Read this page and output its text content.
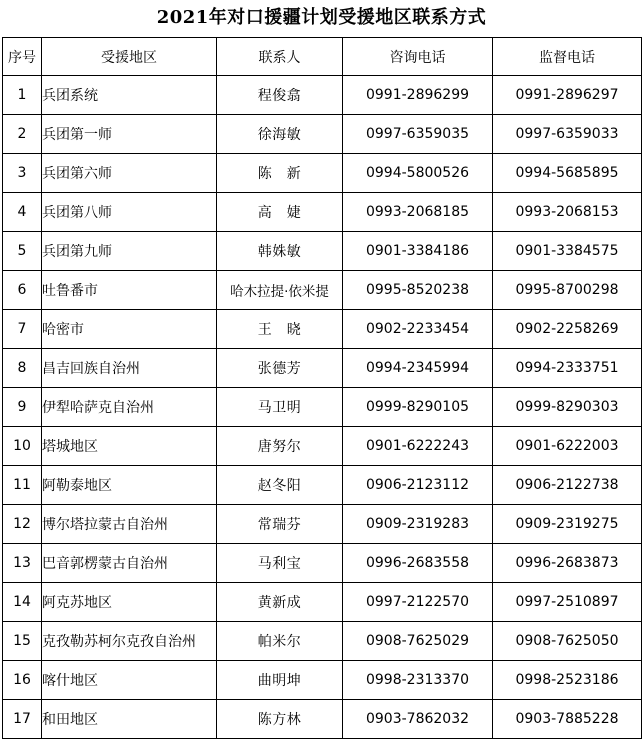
2021年对口援疆计划受援地区联系方式
序号	受援地区	联系人	咨询电话	监督电话
1	兵团系统	程俊翕	0991-2896299	0991-2896297
2	兵团第一师	徐海敏	0997-6359035	0997-6359033
3	兵团第六师	陈　新	0994-5800526	0994-5685895
4	兵团第八师	高　婕	0993-2068185	0993-2068153
5	兵团第九师	韩姝敏	0901-3384186	0901-3384575
6	吐鲁番市	哈木拉提·依米提	0995-8520238	0995-8700298
7	哈密市	王　晓	0902-2233454	0902-2258269
8	昌吉回族自治州	张德芳	0994-2345994	0994-2333751
9	伊犁哈萨克自治州	马卫明	0999-8290105	0999-8290303
10	塔城地区	唐努尔	0901-6222243	0901-6222003
11	阿勒泰地区	赵冬阳	0906-2123112	0906-2122738
12	博尔塔拉蒙古自治州	常瑞芬	0909-2319283	0909-2319275
13	巴音郭楞蒙古自治州	马利宝	0996-2683558	0996-2683873
14	阿克苏地区	黄新成	0997-2122570	0997-2510897
15	克孜勒苏柯尔克孜自治州	帕米尔	0908-7625029	0908-7625050
16	喀什地区	曲明坤	0998-2313370	0998-2523186
17	和田地区	陈方林	0903-7862032	0903-7885228
